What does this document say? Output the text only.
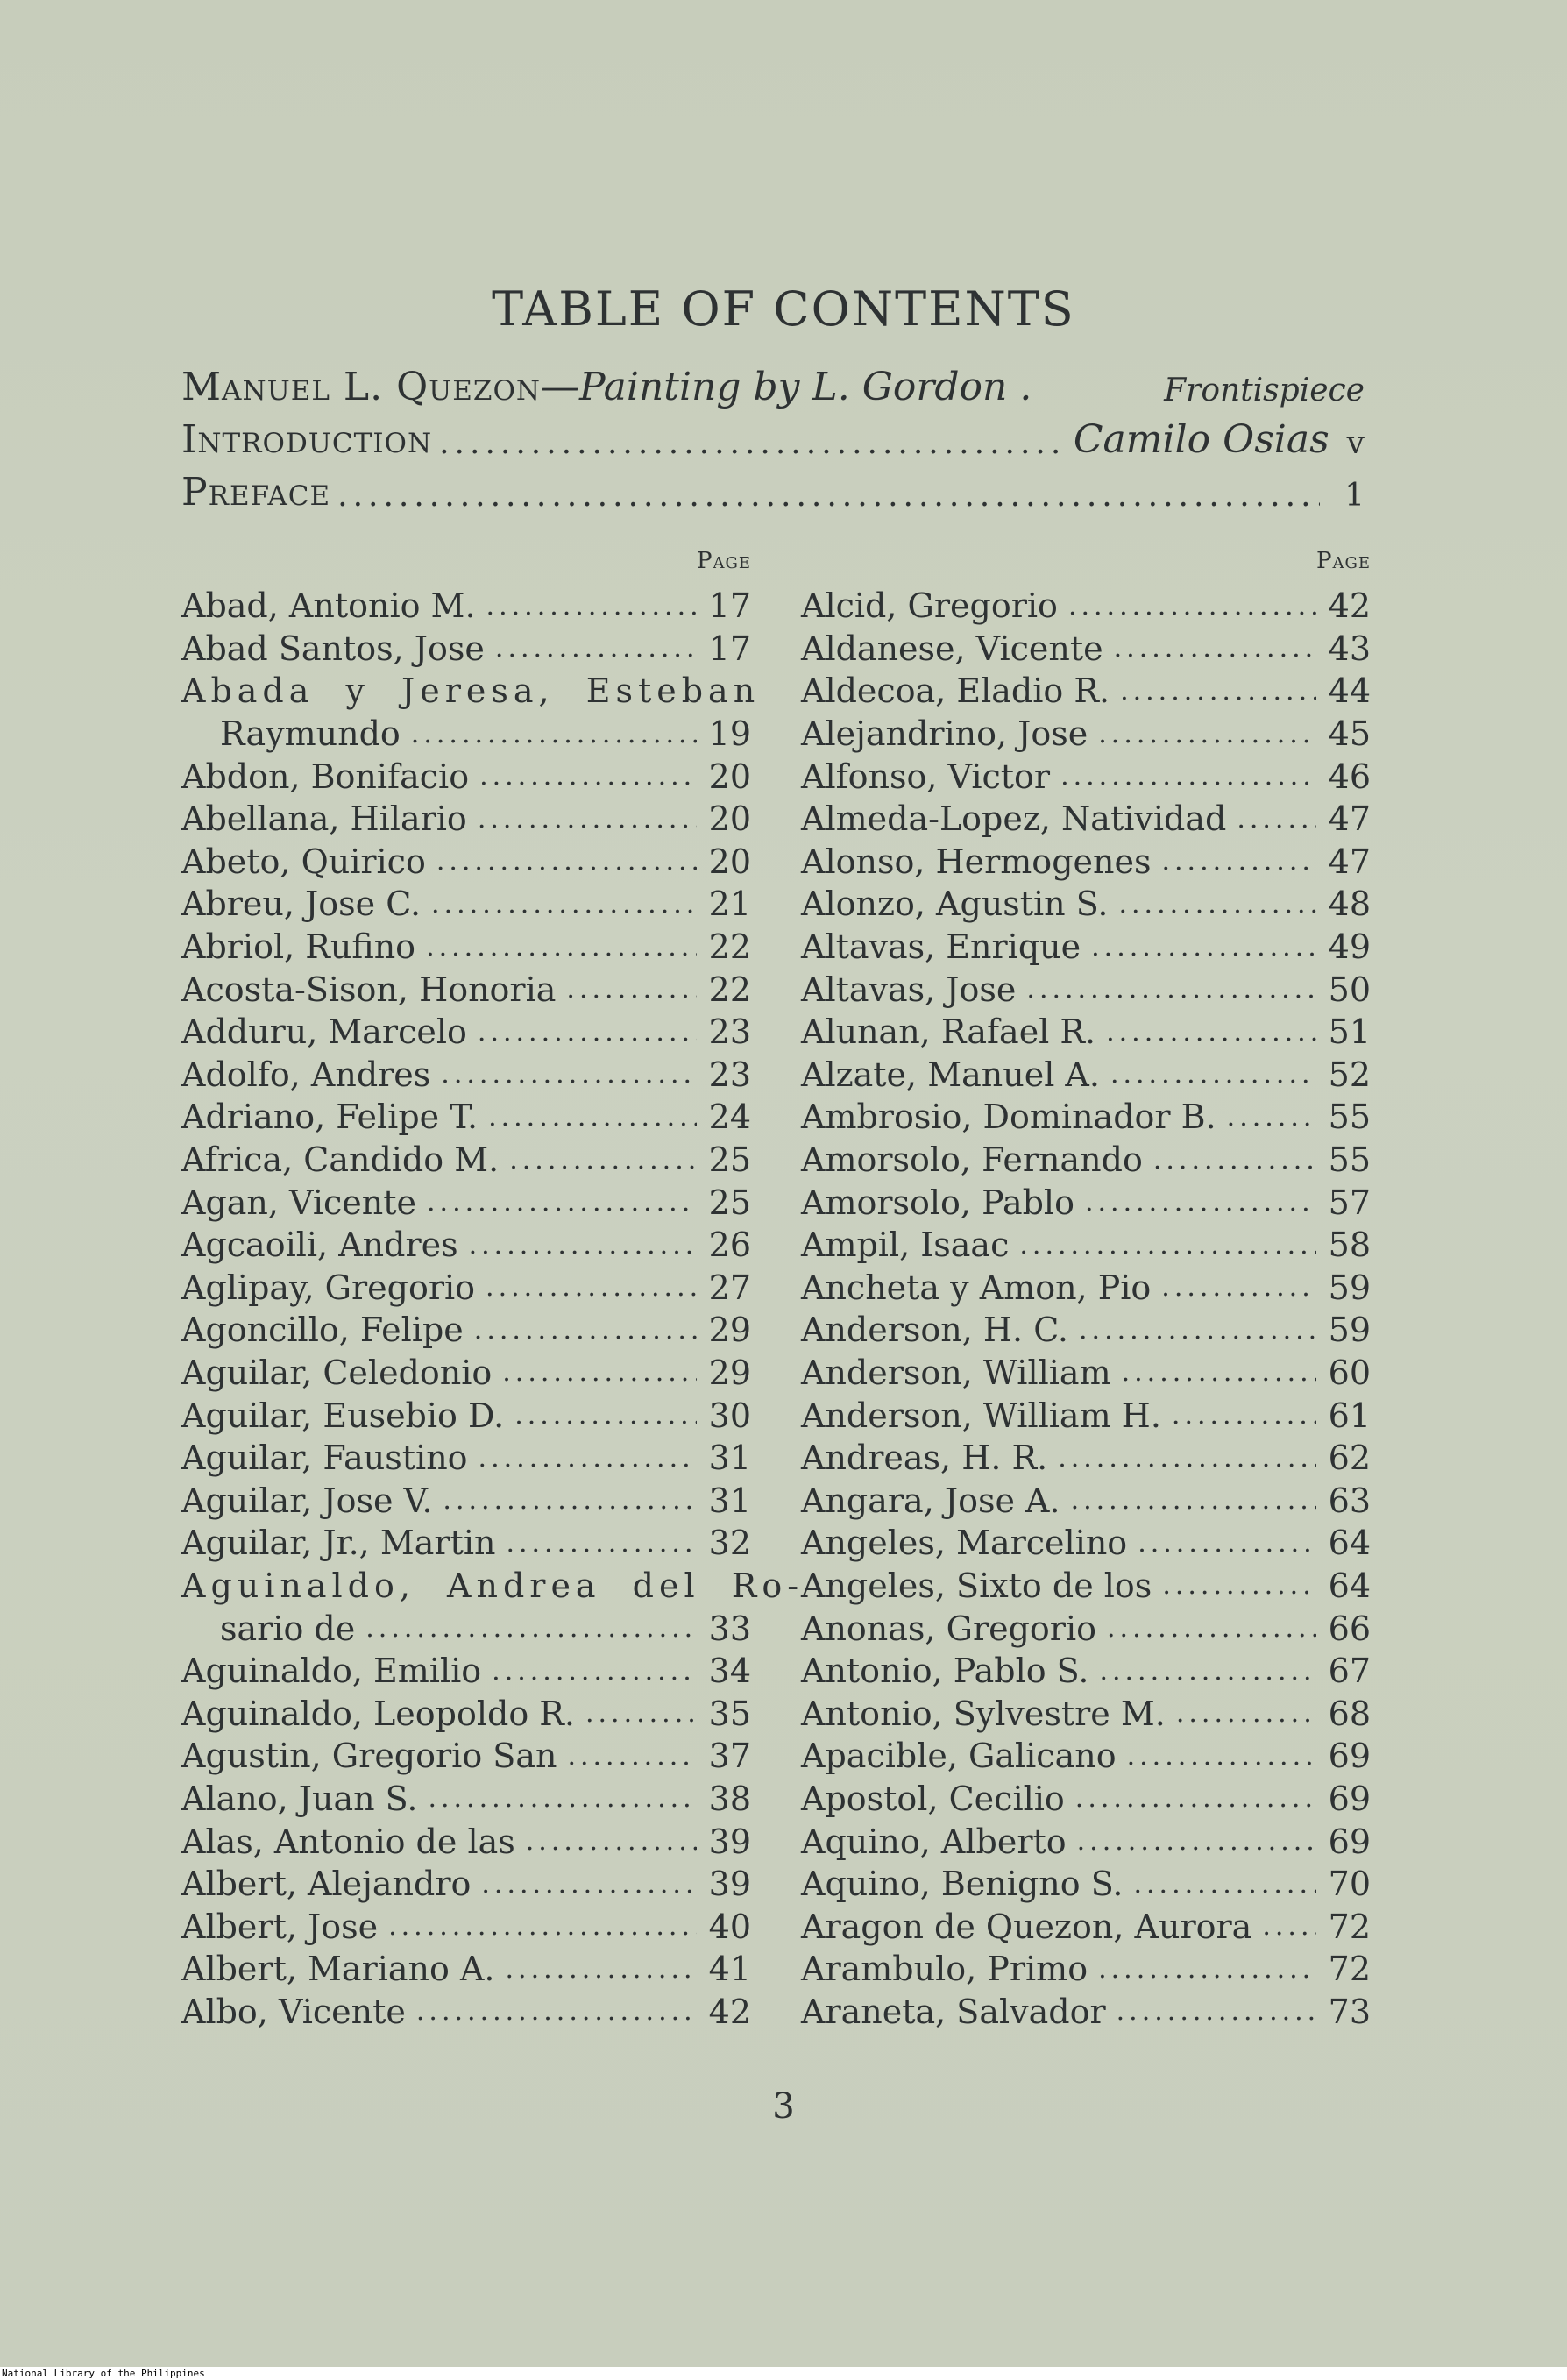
TABLE OF CONTENTS
Manuel L. Quezon —Painting by L. Gordon .	Frontispiece
Introduction .....	Camilo Osias v
Preface .....	1
Page
Abad, Antonio M. .....	17
Abad Santos, Jose .....	17
Abada y Jeresa, Esteban
Raymundo .....	19
Abdon, Bonifacio .....	20
Abellana, Hilario .....	20
Abeto, Quirico .....	20
Abreu, Jose C. .....	21
Abriol, Rufino .....	22
Acosta-Sison, Honoria .....	22
Adduru, Marcelo .....	23
Adolfo, Andres .....	23
Adriano, Felipe T. .....	24
Africa, Candido M. .....	25
Agan, Vicente .....	25
Agcaoili, Andres .....	26
Aglipay, Gregorio .....	27
Agoncillo, Felipe .....	29
Aguilar, Celedonio .....	29
Aguilar, Eusebio D. .....	30
Aguilar, Faustino .....	31
Aguilar, Jose V. .....	31
Aguilar, Jr., Martin .....	32
Aguinaldo, Andrea del Ro-
sario de .....	33
Aguinaldo, Emilio .....	34
Aguinaldo, Leopoldo R. .....	35
Agustin, Gregorio San .....	37
Alano, Juan S. .....	38
Alas, Antonio de las .....	39
Albert, Alejandro .....	39
Albert, Jose .....	40
Albert, Mariano A. .....	41
Albo, Vicente .....	42
Page
Alcid, Gregorio .....	42
Aldanese, Vicente .....	43
Aldecoa, Eladio R. .....	44
Alejandrino, Jose .....	45
Alfonso, Victor .....	46
Almeda-Lopez, Natividad .....	47
Alonso, Hermogenes .....	47
Alonzo, Agustin S. .....	48
Altavas, Enrique .....	49
Altavas, Jose .....	50
Alunan, Rafael R. .....	51
Alzate, Manuel A. .....	52
Ambrosio, Dominador B. .....	55
Amorsolo, Fernando .....	55
Amorsolo, Pablo .....	57
Ampil, Isaac .....	58
Ancheta y Amon, Pio .....	59
Anderson, H. C. .....	59
Anderson, William .....	60
Anderson, William H. .....	61
Andreas, H. R. .....	62
Angara, Jose A. .....	63
Angeles, Marcelino .....	64
Angeles, Sixto de los .....	64
Anonas, Gregorio .....	66
Antonio, Pablo S. .....	67
Antonio, Sylvestre M. .....	68
Apacible, Galicano .....	69
Apostol, Cecilio .....	69
Aquino, Alberto .....	69
Aquino, Benigno S. .....	70
Aragon de Quezon, Aurora ..... 72
Arambulo, Primo .....	72
Araneta, Salvador .....	73
3
National Library of the Philippines
